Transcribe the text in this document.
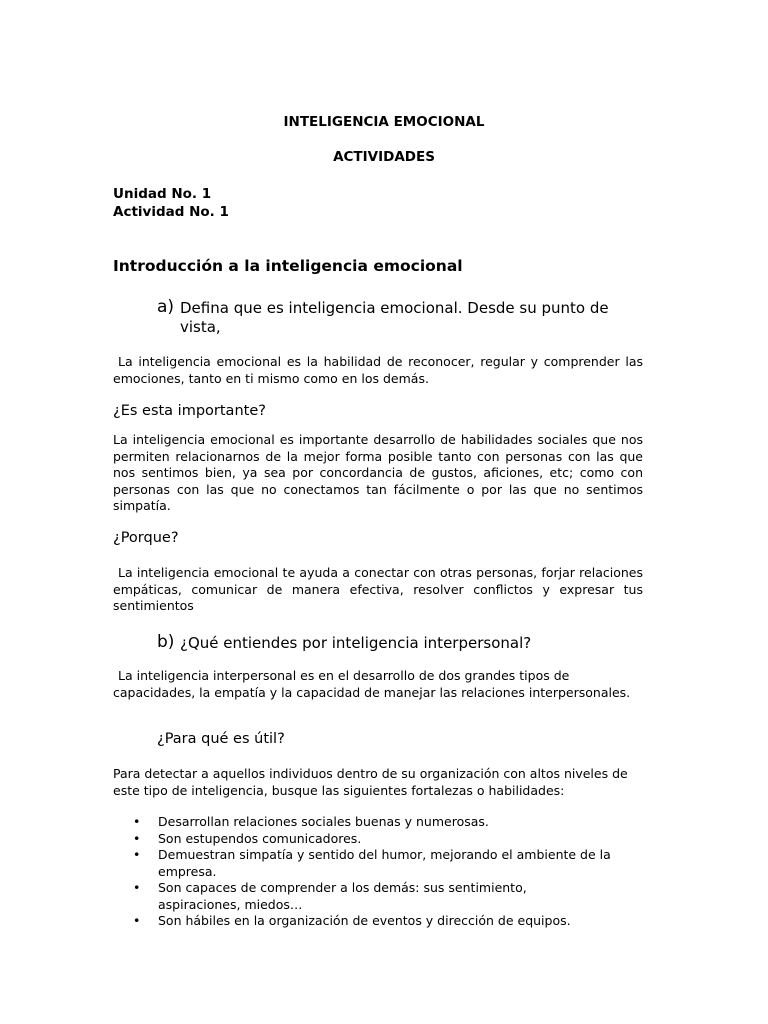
INTELIGENCIA EMOCIONAL
ACTIVIDADES
Unidad No. 1
Actividad No. 1
Introducción a la inteligencia emocional
a) Defina que es inteligencia emocional. Desde su punto de vista,
La inteligencia emocional es la habilidad de reconocer, regular y comprender las emociones, tanto en ti mismo como en los demás.
¿Es esta importante?
La inteligencia emocional es importante desarrollo de habilidades sociales que nos permiten relacionarnos de la mejor forma posible tanto con personas con las que nos sentimos bien, ya sea por concordancia de gustos, aficiones, etc; como con personas con las que no conectamos tan fácilmente o por las que no sentimos simpatía.
¿Porque?
La inteligencia emocional te ayuda a conectar con otras personas, forjar relaciones empáticas, comunicar de manera efectiva, resolver conflictos y expresar tus sentimientos
b) ¿Qué entiendes por inteligencia interpersonal?
La inteligencia interpersonal es en el desarrollo de dos grandes tipos de capacidades, la empatía y la capacidad de manejar las relaciones interpersonales.
¿Para qué es útil?
Para detectar a aquellos individuos dentro de su organización con altos niveles de este tipo de inteligencia, busque las siguientes fortalezas o habilidades:
• Desarrollan relaciones sociales buenas y numerosas.
• Son estupendos comunicadores.
• Demuestran simpatía y sentido del humor, mejorando el ambiente de la empresa.
• Son capaces de comprender a los demás: sus sentimiento, aspiraciones, miedos…
• Son hábiles en la organización de eventos y dirección de equipos.
